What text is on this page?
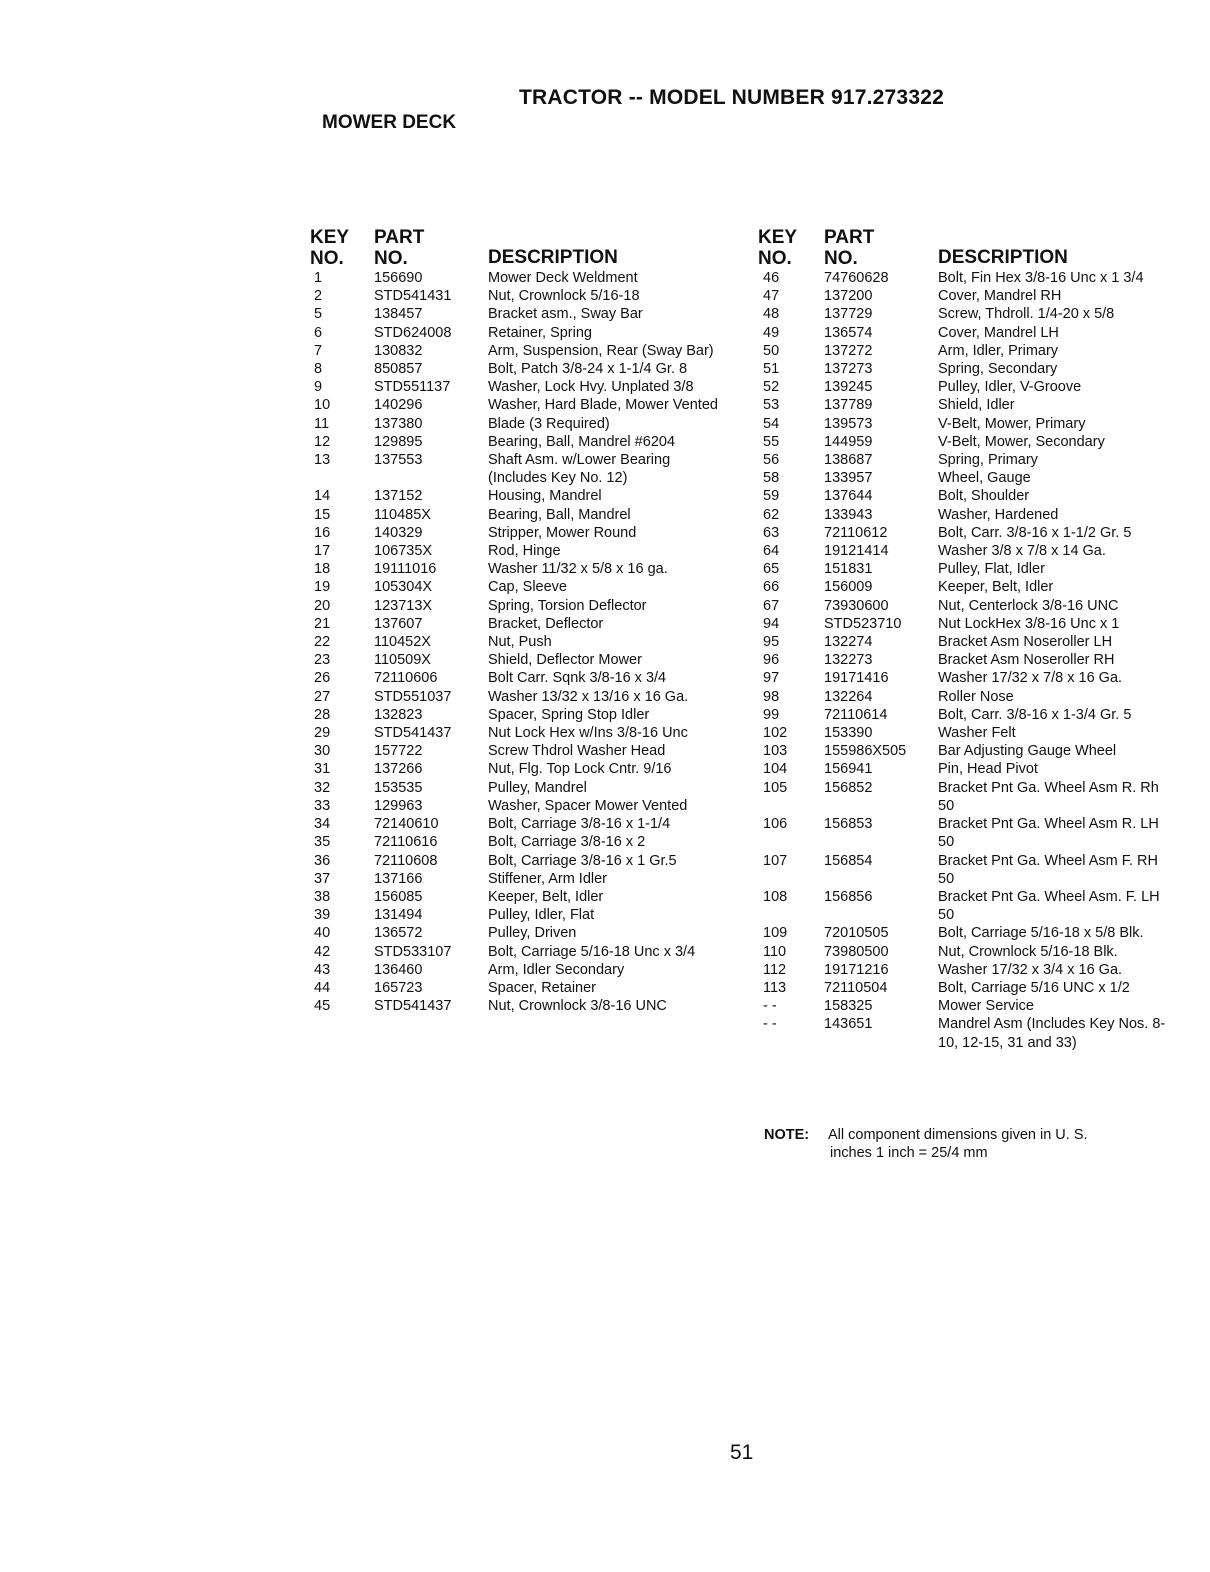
TRACTOR -- MODEL NUMBER 917.273322
MOWER DECK
KEY
NO.
PART
NO.	DESCRIPTION
1	156690	Mower Deck Weldment
2	STD541431	Nut, Crownlock 5/16-18
5	138457	Bracket asm., Sway Bar
6	STD624008	Retainer, Spring
7	130832	Arm, Suspension, Rear (Sway Bar)
8	850857	Bolt, Patch 3/8-24 x 1-1/4 Gr. 8
9	STD551137	Washer, Lock Hvy. Unplated 3/8
10	140296	Washer, Hard Blade, Mower Vented
11	137380	Blade (3 Required)
12	129895	Bearing, Ball, Mandrel #6204
13	137553	Shaft Asm. w/Lower Bearing (Includes Key No. 12)
14	137152	Housing, Mandrel
15	110485X	Bearing, Ball, Mandrel
16	140329	Stripper, Mower Round
17	106735X	Rod, Hinge
18	19111016	Washer 11/32 x 5/8 x 16 ga.
19	105304X	Cap, Sleeve
20	123713X	Spring, Torsion Deflector
21	137607	Bracket, Deflector
22	110452X	Nut, Push
23	110509X	Shield, Deflector Mower
26	72110606	Bolt Carr. Sqnk 3/8-16 x 3/4
27	STD551037	Washer 13/32 x 13/16 x 16 Ga.
28	132823	Spacer, Spring Stop Idler
29	STD541437	Nut Lock Hex w/Ins 3/8-16 Unc
30	157722	Screw Thdrol Washer Head
31	137266	Nut, Flg. Top Lock Cntr. 9/16
32	153535	Pulley, Mandrel
33	129963	Washer, Spacer Mower Vented
34	72140610	Bolt, Carriage 3/8-16 x 1-1/4
35	72110616	Bolt, Carriage 3/8-16 x 2
36	72110608	Bolt, Carriage 3/8-16 x 1 Gr.5
37	137166	Stiffener, Arm Idler
38	156085	Keeper, Belt, Idler
39	131494	Pulley, Idler, Flat
40	136572	Pulley, Driven
42	STD533107	Bolt, Carriage 5/16-18 Unc x 3/4
43	136460	Arm, Idler Secondary
44	165723	Spacer, Retainer
45	STD541437	Nut, Crownlock 3/8-16 UNC
KEY
NO.
PART
NO.	DESCRIPTION
46	74760628	Bolt, Fin Hex 3/8-16 Unc x 1 3/4
47	137200	Cover, Mandrel RH
48	137729	Screw, Thdroll. 1/4-20 x 5/8
49	136574	Cover, Mandrel LH
50	137272	Arm, Idler, Primary
51	137273	Spring, Secondary
52	139245	Pulley, Idler, V-Groove
53	137789	Shield, Idler
54	139573	V-Belt, Mower, Primary
55	144959	V-Belt, Mower, Secondary
56	138687	Spring, Primary
58	133957	Wheel, Gauge
59	137644	Bolt, Shoulder
62	133943	Washer, Hardened
63	72110612	Bolt, Carr. 3/8-16 x 1-1/2 Gr. 5
64	19121414	Washer 3/8 x 7/8 x 14 Ga.
65	151831	Pulley, Flat, Idler
66	156009	Keeper, Belt, Idler
67	73930600	Nut, Centerlock 3/8-16 UNC
94	STD523710	Nut LockHex 3/8-16 Unc x 1
95	132274	Bracket Asm Noseroller LH
96	132273	Bracket Asm Noseroller RH
97	19171416	Washer 17/32 x 7/8 x 16 Ga.
98	132264	Roller Nose
99	72110614	Bolt, Carr. 3/8-16 x 1-3/4 Gr. 5
102	153390	Washer Felt
103	155986X505	Bar Adjusting Gauge Wheel
104	156941	Pin, Head Pivot
105	156852	Bracket Pnt Ga. Wheel Asm R. Rh 50
106	156853	Bracket Pnt Ga. Wheel Asm R. LH 50
107	156854	Bracket Pnt Ga. Wheel Asm F. RH 50
108	156856	Bracket Pnt Ga. Wheel Asm. F. LH 50
109	72010505	Bolt, Carriage 5/16-18 x 5/8 Blk.
110	73980500	Nut, Crownlock 5/16-18 Blk.
112	19171216	Washer 17/32 x 3/4 x 16 Ga.
113	72110504	Bolt, Carriage 5/16 UNC x 1/2
- -	158325	Mower Service
- -	143651	Mandrel Asm (Includes Key Nos. 8-10, 12-15, 31 and 33)
NOTE: All component dimensions given in U. S.
inches 1 inch = 25/4 mm
51
